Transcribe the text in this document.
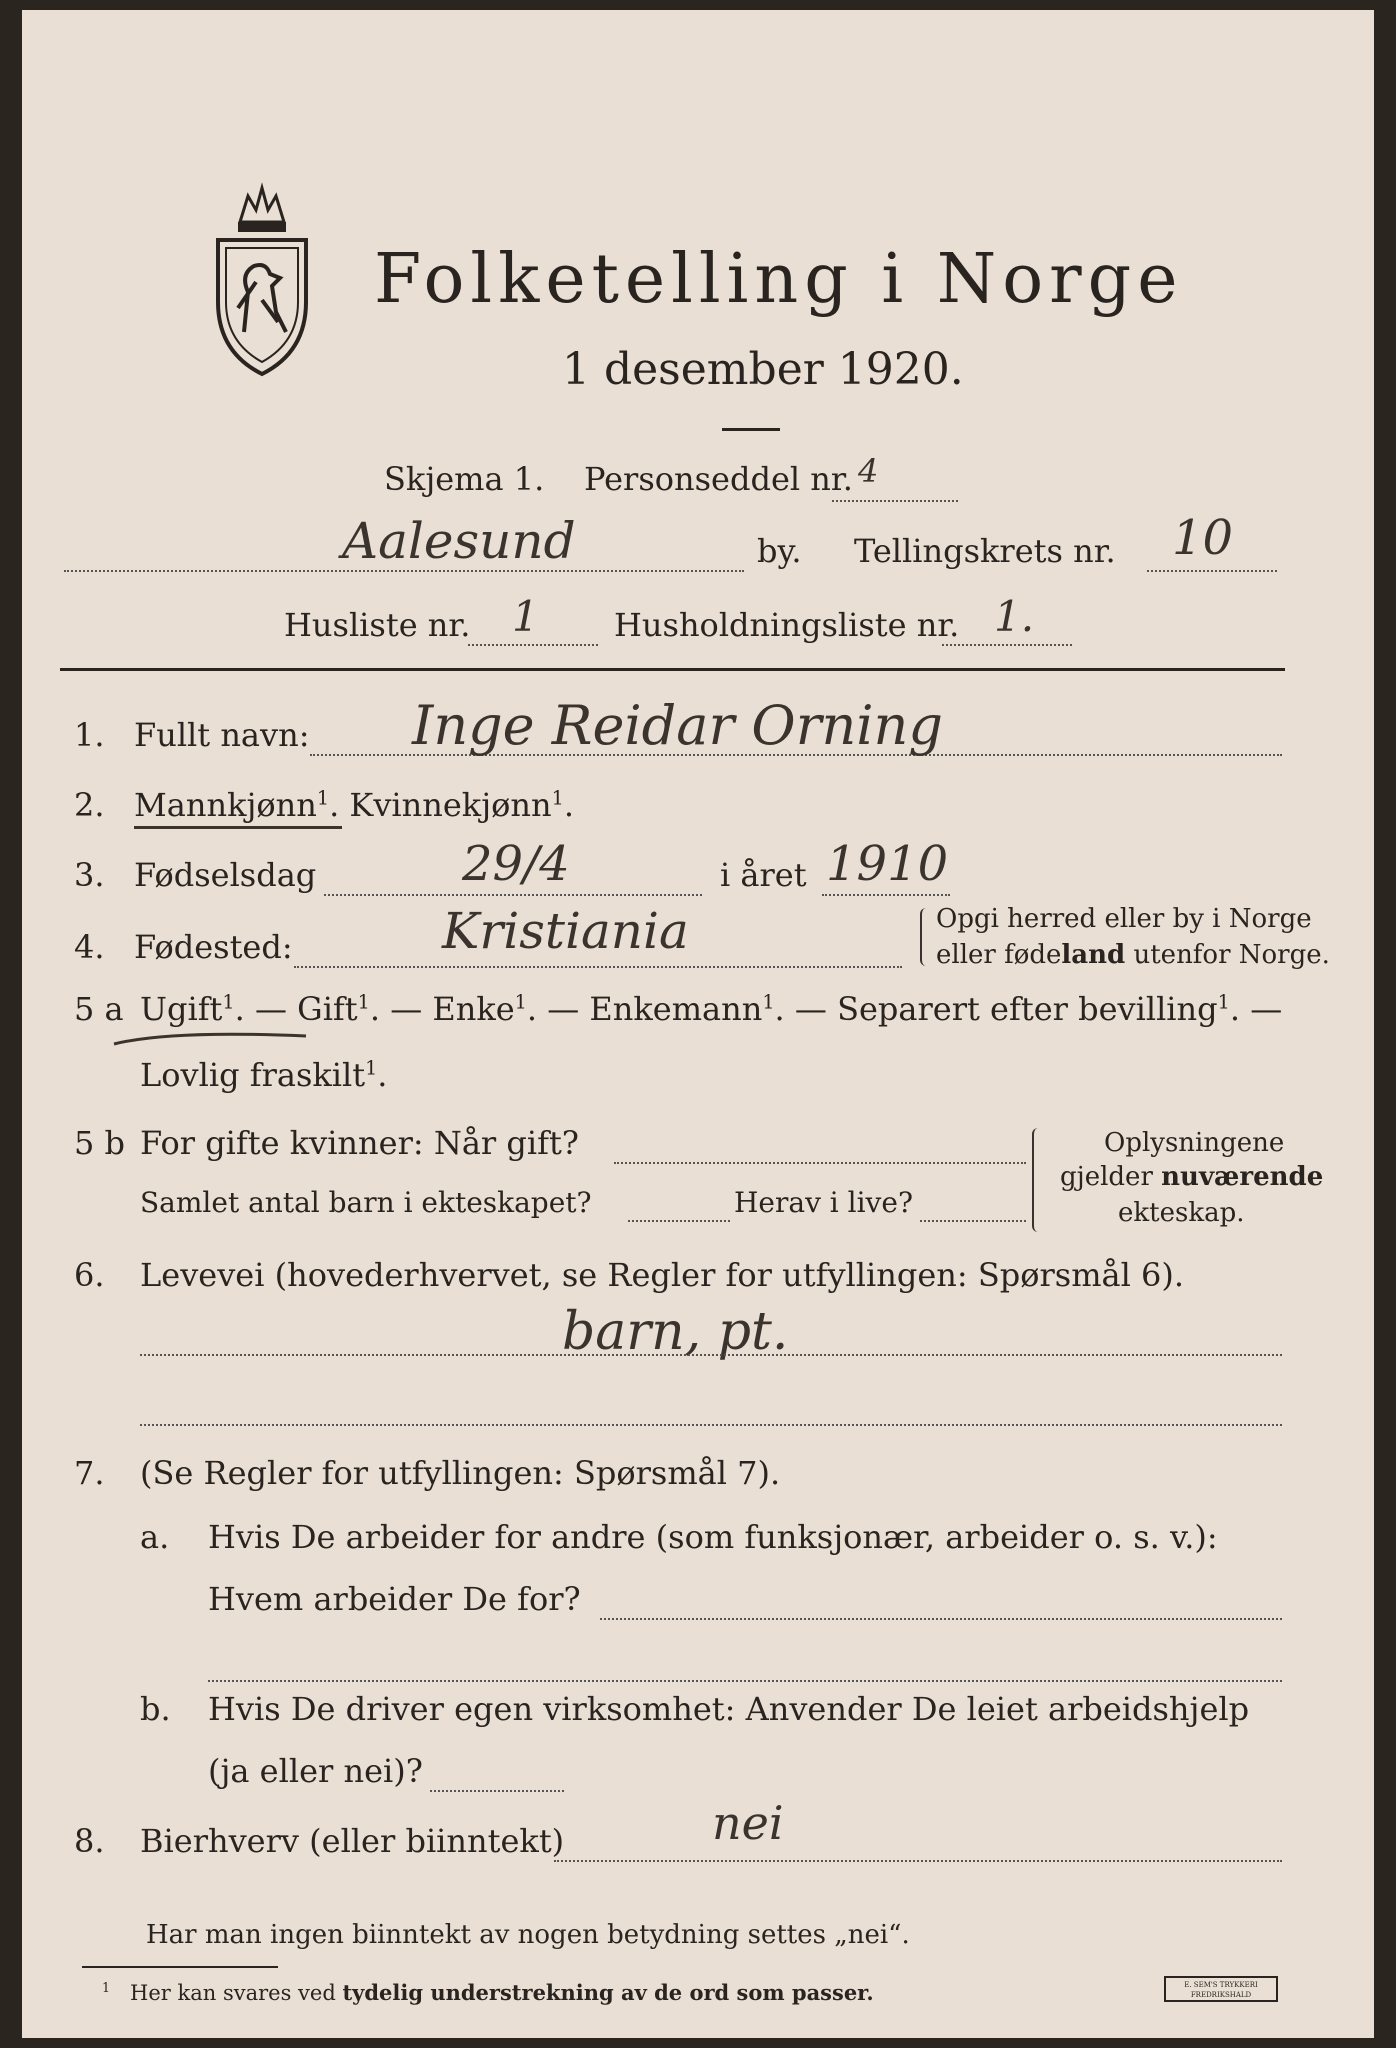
Folketelling i Norge
1 desember 1920.
Skjema 1. Personseddel nr. 4
Aalesund	by. Tellingskrets nr. 10
Husliste nr. 1 Husholdningsliste nr. 1.
1. Fullt navn: Inge Reidar Orning
2. Mannkjønn$^1$. Kvinnekjønn$^1$.
3. Fødselsdag	29/4	i året 1910
4. Fødested:	Kristiania	Opgi herred eller by i Norge
eller fødeland utenfor Norge.
5 a Ugift$^1$. — Gift$^1$. — Enke$^1$. — Enkemann$^1$. — Separert efter bevilling$^1$. —
Lovlig fraskilt$^1$.
5 b For gifte kvinner: Når gift?
Samlet antal barn i ekteskapet?	Herav i live?
Oplysningene
gjelder nuværende
ekteskap.
6. Levevei (hovederhvervet, se Regler for utfyllingen: Spørsmål 6).
barn, pt.
7. (Se Regler for utfyllingen: Spørsmål 7).
a. Hvis De arbeider for andre (som funksjonær, arbeider o. s. v.):
Hvem arbeider De for?
b. Hvis De driver egen virksomhet: Anvender De leiet arbeidshjelp
(ja eller nei)?
8. Bierhverv (eller biinntekt)	nei
Har man ingen biinntekt av nogen betydning settes „nei“.
$^1$ Her kan svares ved tydelig understrekning av de ord som passer.	E. SEM'S TRYKKERI
FREDRIKSHALD
